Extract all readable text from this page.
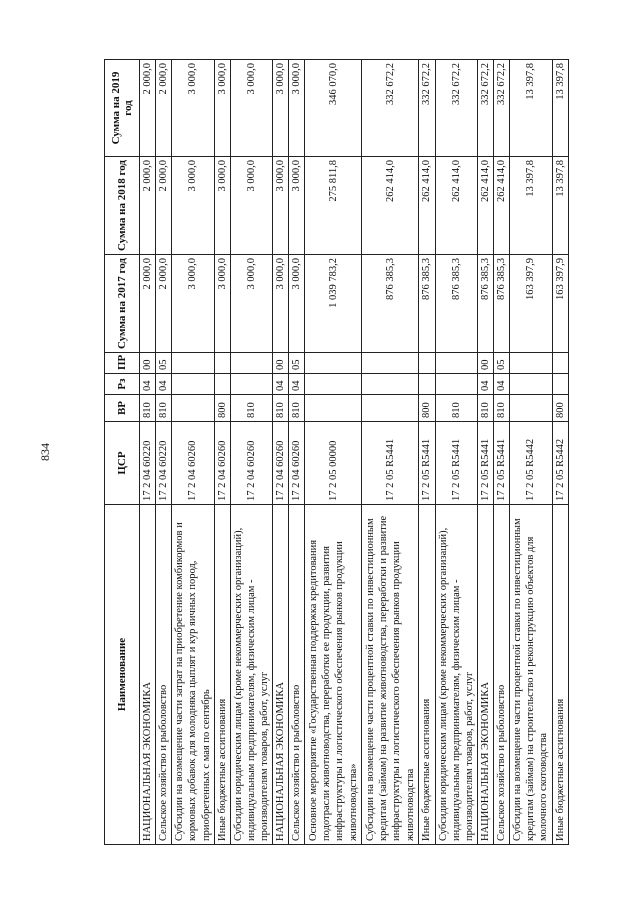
834
Наименование	ЦСР	ВР	Рз	ПР	Сумма на 2017 год	Сумма на 2018 год	Сумма на 2019 год
НАЦИОНАЛЬНАЯ ЭКОНОМИКА	17 2 04 60220	810	04	00	2 000,0	2 000,0	2 000,0
Сельское хозяйство и рыболовство	17 2 04 60220	810	04	05	2 000,0	2 000,0	2 000,0
Субсидии на возмещение части затрат на приобретение комбикормов и кормовых добавок для молодняка цыплят и кур яичных пород, приобретенных с мая по сентябрь	17 2 04 60260				3 000,0	3 000,0	3 000,0
Иные бюджетные ассигнования	17 2 04 60260	800			3 000,0	3 000,0	3 000,0
Субсидии юридическим лицам (кроме некоммерческих организаций), индивидуальным предпринимателям, физическим лицам - производителям товаров, работ, услуг	17 2 04 60260	810			3 000,0	3 000,0	3 000,0
НАЦИОНАЛЬНАЯ ЭКОНОМИКА	17 2 04 60260	810	04	00	3 000,0	3 000,0	3 000,0
Сельское хозяйство и рыболовство	17 2 04 60260	810	04	05	3 000,0	3 000,0	3 000,0
Основное мероприятие «Государственная поддержка кредитования подотрасли животноводства, переработки ее продукции, развития инфраструктуры и логистического обеспечения рынков продукции животноводства»	17 2 05 00000				1 039 783,2	275 811,8	346 070,0
Субсидии на возмещение части процентной ставки по инвестиционным кредитам (займам) на развитие животноводства, переработки и развитие инфраструктуры и логистического обеспечения рынков продукции животноводства	17 2 05 R5441				876 385,3	262 414,0	332 672,2
Иные бюджетные ассигнования	17 2 05 R5441	800			876 385,3	262 414,0	332 672,2
Субсидии юридическим лицам (кроме некоммерческих организаций), индивидуальным предпринимателям, физическим лицам - производителям товаров, работ, услуг	17 2 05 R5441	810			876 385,3	262 414,0	332 672,2
НАЦИОНАЛЬНАЯ ЭКОНОМИКА	17 2 05 R5441	810	04	00	876 385,3	262 414,0	332 672,2
Сельское хозяйство и рыболовство	17 2 05 R5441	810	04	05	876 385,3	262 414,0	332 672,2
Субсидии на возмещение части процентной ставки по инвестиционным кредитам (займам) на строительство и реконструкцию объектов для молочного скотоводства	17 2 05 R5442				163 397,9	13 397,8	13 397,8
Иные бюджетные ассигнования	17 2 05 R5442	800			163 397,9	13 397,8	13 397,8
